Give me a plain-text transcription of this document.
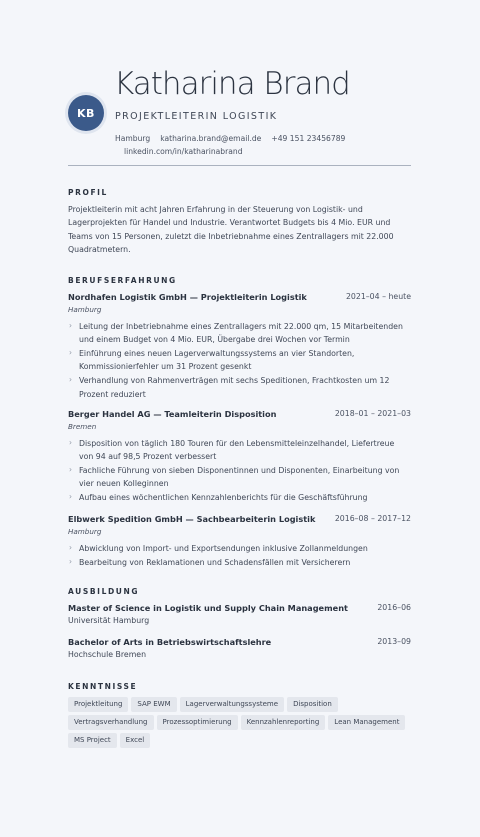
KB
Katharina Brand
PROJEKTLEITERIN LOGISTIK
Hamburg katharina.brand@email.de +49 151 23456789
linkedin.com/in/katharinabrand
PROFIL
Projektleiterin mit acht Jahren Erfahrung in der Steuerung von Logistik- und Lagerprojekten für Handel und Industrie. Verantwortet Budgets bis 4 Mio. EUR und Teams von 15 Personen, zuletzt die Inbetriebnahme eines Zentrallagers mit 22.000 Quadratmetern.
BERUFSERFAHRUNG
Nordhafen Logistik GmbH — Projektleiterin Logistik	2021–04 – heute
Hamburg
› Leitung der Inbetriebnahme eines Zentrallagers mit 22.000 qm, 15 Mitarbeitenden und einem Budget von 4 Mio. EUR, Übergabe drei Wochen vor Termin
› Einführung eines neuen Lagerverwaltungssystems an vier Standorten, Kommissionierfehler um 31 Prozent gesenkt
› Verhandlung von Rahmenverträgen mit sechs Speditionen, Frachtkosten um 12 Prozent reduziert
Berger Handel AG — Teamleiterin Disposition	2018–01 – 2021–03
Bremen
› Disposition von täglich 180 Touren für den Lebensmitteleinzelhandel, Liefertreue von 94 auf 98,5 Prozent verbessert
› Fachliche Führung von sieben Disponentinnen und Disponenten, Einarbeitung von vier neuen Kolleginnen
› Aufbau eines wöchentlichen Kennzahlenberichts für die Geschäftsführung
Elbwerk Spedition GmbH — Sachbearbeiterin Logistik 2016–08 – 2017–12
Hamburg
› Abwicklung von Import- und Exportsendungen inklusive Zollanmeldungen
› Bearbeitung von Reklamationen und Schadensfällen mit Versicherern
AUSBILDUNG
Master of Science in Logistik und Supply Chain Management	2016–06
Universität Hamburg
Bachelor of Arts in Betriebswirtschaftslehre	2013–09
Hochschule Bremen
KENNTNISSE
Projektleitung	SAP EWM	Lagerverwaltungssysteme	Disposition
Vertragsverhandlung	Prozessoptimierung	Kennzahlenreporting	Lean Management
MS Project	Excel
